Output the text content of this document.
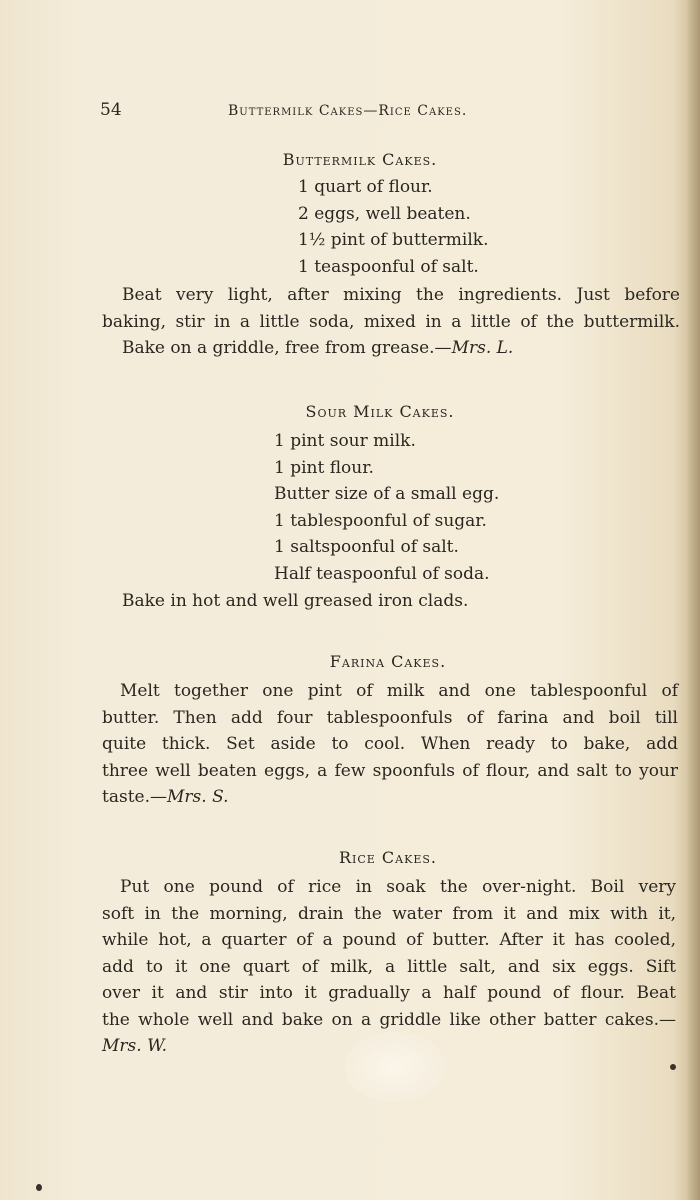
54	Buttermilk Cakes—Rice Cakes.
Buttermilk Cakes.
1 quart of flour.
2 eggs, well beaten.
1½ pint of buttermilk.
1 teaspoonful of salt.
Beat very light, after mixing the ingredients. Just before
baking, stir in a little soda, mixed in a little of the buttermilk.
Bake on a griddle, free from grease.—Mrs. L.
Sour Milk Cakes.
1 pint sour milk.
1 pint flour.
Butter size of a small egg.
1 tablespoonful of sugar.
1 saltspoonful of salt.
Half teaspoonful of soda.
Bake in hot and well greased iron clads.
Farina Cakes.
Melt together one pint of milk and one tablespoonful of
butter. Then add four tablespoonfuls of farina and boil till
quite thick. Set aside to cool. When ready to bake, add
three well beaten eggs, a few spoonfuls of flour, and salt to your
taste.—Mrs. S.
Rice Cakes.
Put one pound of rice in soak the over-night. Boil very
soft in the morning, drain the water from it and mix with it,
while hot, a quarter of a pound of butter. After it has cooled,
add to it one quart of milk, a little salt, and six eggs. Sift
over it and stir into it gradually a half pound of flour. Beat
the whole well and bake on a griddle like other batter cakes.—
Mrs. W.
